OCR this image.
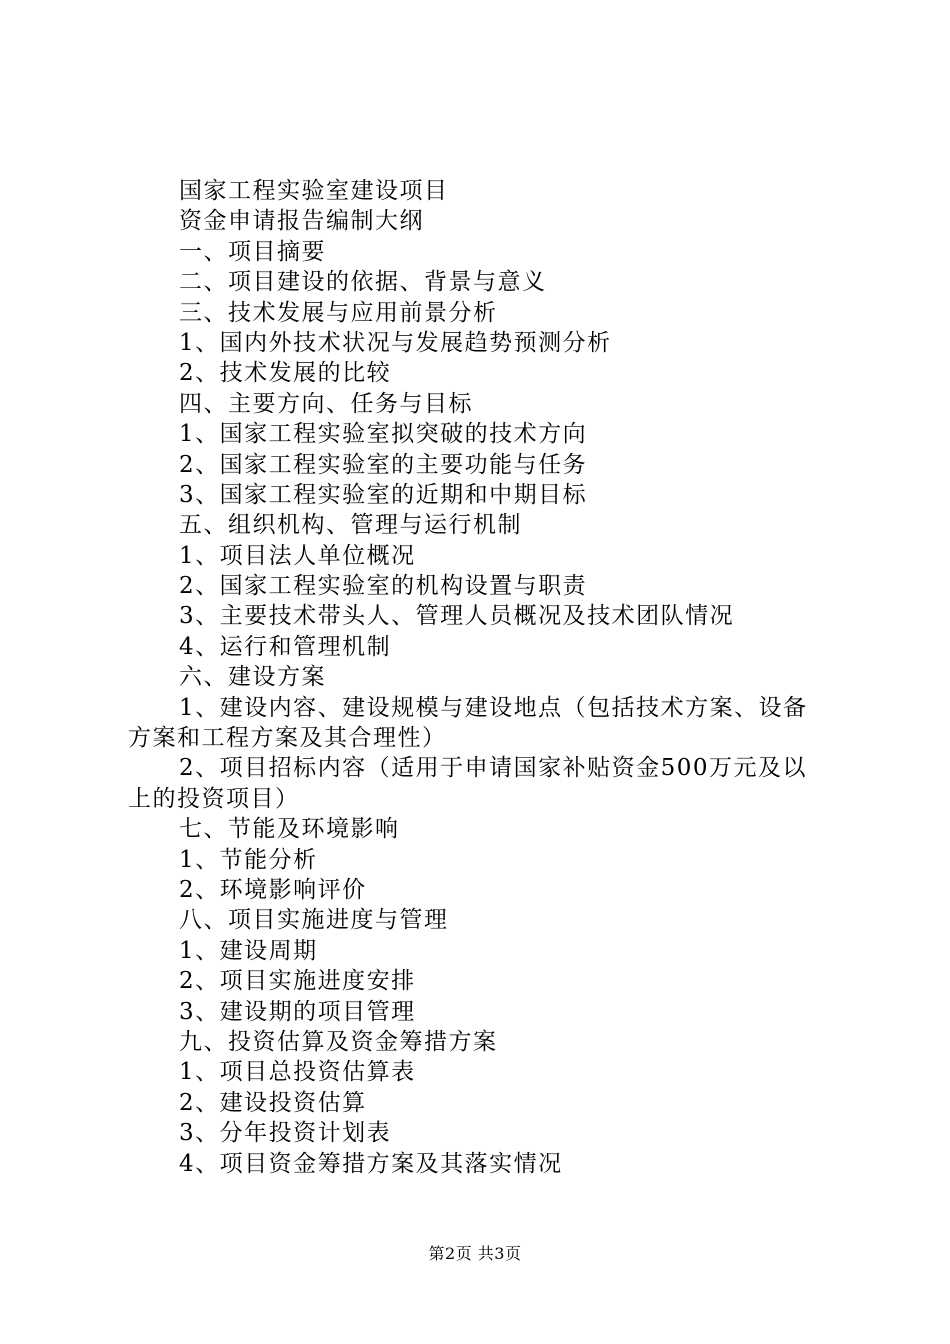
国家工程实验室建设项目
资金申请报告编制大纲
一、项目摘要
二、项目建设的依据、背景与意义
三、技术发展与应用前景分析
1、国内外技术状况与发展趋势预测分析
2、技术发展的比较
四、主要方向、任务与目标
1、国家工程实验室拟突破的技术方向
2、国家工程实验室的主要功能与任务
3、国家工程实验室的近期和中期目标
五、组织机构、管理与运行机制
1、项目法人单位概况
2、国家工程实验室的机构设置与职责
3、主要技术带头人、管理人员概况及技术团队情况
4、运行和管理机制
六、建设方案
1、建设内容、建设规模与建设地点（包括技术方案、设备
方案和工程方案及其合理性）
2、项目招标内容（适用于申请国家补贴资金500万元及以
上的投资项目）
七、节能及环境影响
1、节能分析
2、环境影响评价
八、项目实施进度与管理
1、建设周期
2、项目实施进度安排
3、建设期的项目管理
九、投资估算及资金筹措方案
1、项目总投资估算表
2、建设投资估算
3、分年投资计划表
4、项目资金筹措方案及其落实情况
第2页 共3页
